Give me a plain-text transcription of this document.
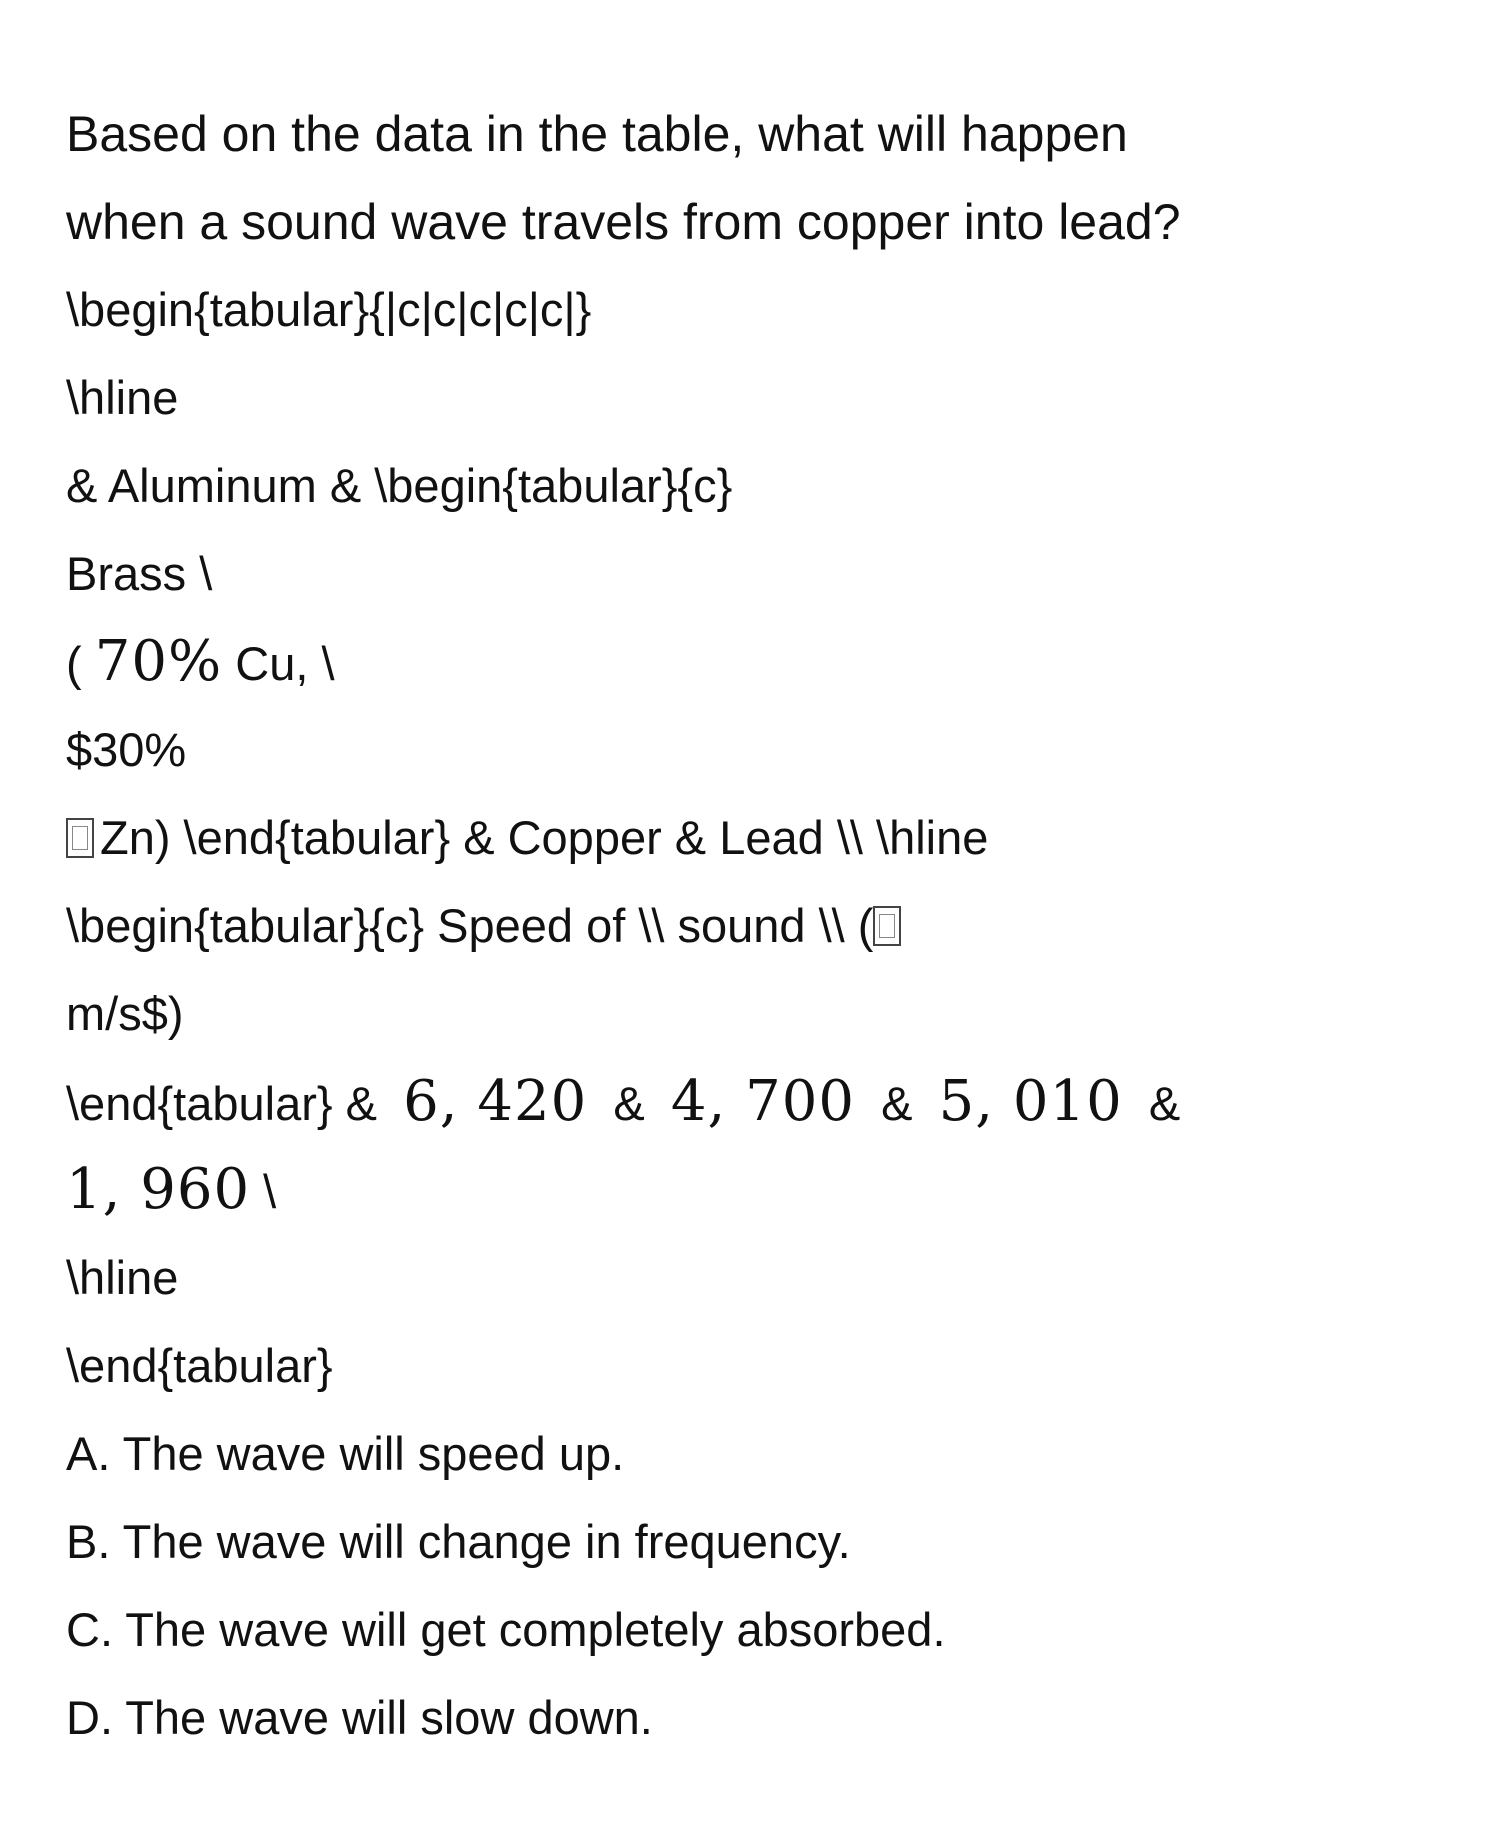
Based on the data in the table, what will happen
when a sound wave travels from copper into lead?

\begin{tabular}{|c|c|c|c|c|}
\hline
& Aluminum & \begin{tabular}{c}
Brass \
( 70% Cu, \
$30%
Zn) \end{tabular} & Copper & Lead \\ \hline
\begin{tabular}{c} Speed of \\ sound \\ (
m/s$)
\end{tabular} & 6, 420 & 4, 700 & 5, 010 &
1, 960 \
\hline
\end{tabular}
A. The wave will speed up.
B. The wave will change in frequency.
C. The wave will get completely absorbed.
D. The wave will slow down.
